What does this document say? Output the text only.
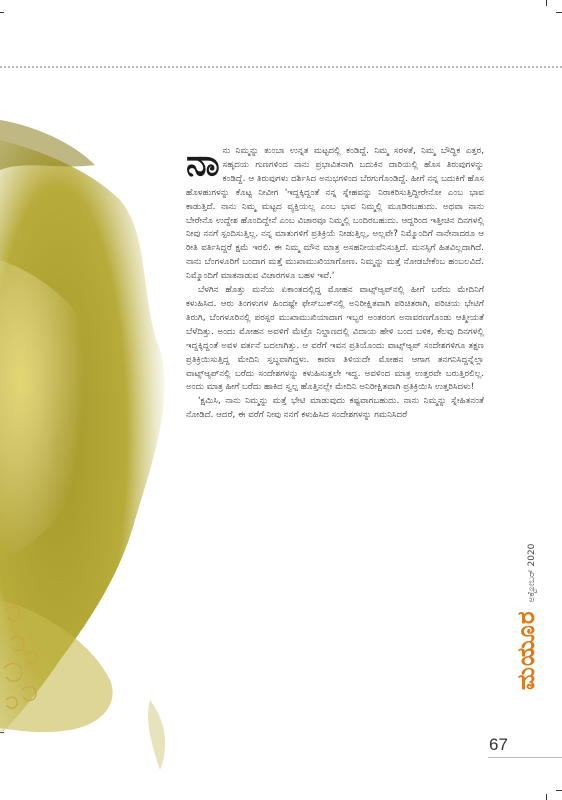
ನಾನು ನಿಮ್ಮನ್ನು ತುಂಬಾ ಉನ್ನತ ಮಟ್ಟದಲ್ಲಿ ಕಂಡಿದ್ದೆ. ನಿಮ್ಮ ಸರಳತೆ, ನಿಮ್ಮ ಬೌದ್ಧಿಕ ಎತ್ತರ, ಸಹೃದಯ ಗುಣಗಳಿಂದ ನಾನು ಪ್ರಭಾವಿತನಾಗಿ ಬದುಕಿನ ದಾರಿಯಲ್ಲಿ ಹೊಸ ತಿರುವುಗಳನ್ನು ಕಂಡಿದ್ದೆ. ಆ ತಿರುವುಗಳು ದರ್ಶಿಸಿದ ಅನುಭಗಳಿಂದ ಬೆರಗುಗೊಂಡಿದ್ದೆ. ಹೀಗೆ ನನ್ನ ಬದುಕಿಗೆ ಹೊಸ ಹೊಳಹುಗಳನ್ನು ಕೊಟ್ಟ ನೀವೀಗ 'ಇದ್ದಕ್ಕಿದ್ದಂತೆ ನನ್ನ ಸ್ನೇಹವನ್ನು ನಿರಾಕರಿಸುತ್ತಿದ್ದೀರೇನೋ ಎಂಬ ಭಾವ ಕಾಡುತ್ತಿದೆ. ನಾನು ನಿಮ್ಮ ಮಟ್ಟದ ವ್ಯಕ್ತಿಯಲ್ಲ ಎಂಬ ಭಾವ ನಿಮ್ಮಲ್ಲಿ ಮೂಡಿರಬಹುದು. ಅಥವಾ ನಾನು ಬೇರೇನೊ ಉದ್ದೇಶ ಹೊಂದಿದ್ದೇನೆ ಎಂಬ ವಿಚಾರವೂ ನಿಮ್ಮಲ್ಲಿ ಬಂದಿರಬಹುದು. ಆದ್ದರಿಂದ ಇತ್ತೀಚಿನ ದಿನಗಳಲ್ಲಿ ನೀವು ನನಗೆ ಸ್ಪಂದಿಸುತ್ತಿಲ್ಲ. ನನ್ನ ಮಾತುಗಳಿಗೆ ಪ್ರತಿಕ್ರಿಯೆ ನೀಡುತ್ತಿಲ್ಲ, ಅಲ್ಲವೇ? ನಿಮ್ಮೊಂದಿಗೆ ನಾನೇನಾದರೂ ಆ ರೀತಿ ವರ್ತಿಸಿದ್ದರೆ ಕ್ಷಮೆ ಇರಲಿ. ಈ ನಿಮ್ಮ ಮೌನ ಮಾತ್ರ ಅಸಹನೀಯವೆನಿಸುತ್ತಿದೆ. ಮನಸ್ಸಿಗೆ ಹಿತವಿಲ್ಲದಾಗಿದೆ. ನಾನು ಬೆಂಗಳೂರಿಗೆ ಬಂದಾಗ ಮತ್ತೆ ಮುಖಾಮುಖಿಯಾಗೋಣ. ನಿಮ್ಮನ್ನು ಮತ್ತೆ ನೋಡಬೇಕೆಂಬ ಹಂಬಲವಿದೆ. ನಿಮ್ಮೊಂದಿಗೆ ಮಾತನಾಡುವ ವಿಚಾರಗಳೂ ಬಹಳ ಇವೆ.'

ಬೆಳಗಿನ ಹೊತ್ತು ಮನೆಯ ಏಕಾಂತದಲ್ಲಿದ್ದ ಮೋಹನ ವಾಟ್ಸ್‌ಆ್ಯಪ್‌ನಲ್ಲಿ ಹೀಗೆ ಬರೆದು ಮೇದಿನಿಗೆ ಕಳುಹಿಸಿದ. ಆರು ತಿಂಗಳುಗಳ ಹಿಂದಷ್ಟೇ ಫೇಸ್‌ಬುಕ್‌ನಲ್ಲಿ ಅನಿರೀಕ್ಷಿತವಾಗಿ ಪರಿಚಿತರಾಗಿ, ಪರಿಚಯ ಭೇಟಿಗೆ ತಿರುಗಿ, ಬೆಂಗಳೂರಿನಲ್ಲಿ ಪರಸ್ಪರ ಮುಖಾಮುಖಿಯಾದಾಗ ಇಬ್ಬರ ಅಂತರಂಗ ಅನಾವರಣಗೊಂಡು ಆತ್ಮೀಯತೆ ಬೆಳೆದಿತ್ತು. ಅಂದು ಮೋಹನ ಅವಳಿಗೆ ಮೆಟ್ರೊ ನಿಲ್ದಾಣದಲ್ಲಿ ವಿದಾಯ ಹೇಳಿ ಬಂದ ಬಳಿಕ, ಕೆಲವು ದಿನಗಳಲ್ಲಿ ಇದ್ದಕ್ಕಿದ್ದಂತೆ ಅವಳ ವರ್ತನೆ ಬದಲಾಗಿತ್ತು. ಆ ವರೆಗೆ ಇವನ ಪ್ರತಿಯೊಂದು ವಾಟ್ಸ್‌ಆ್ಯಪ್ ಸಂದೇಶಗಳಿಗೂ ತಕ್ಷಣ ಪ್ರತಿಕ್ರಿಯಿಸುತ್ತಿದ್ದ ಮೇದಿನಿ ಸ್ತಬ್ಧವಾಗಿದ್ದಳು. ಕಾರಣ ತಿಳಿಯದೇ ಮೋಹನ ಆಗಾಗ ತನಗನಿಸಿದ್ದನ್ನೆಲ್ಲಾ ವಾಟ್ಸ್‌ಆ್ಯಪ್‌ನಲ್ಲಿ ಬರೆದು ಸಂದೇಶಗಳನ್ನು ಕಳುಹಿಸುತ್ತಲೇ ಇದ್ದ. ಅವಳಿಂದ ಮಾತ್ರ ಉತ್ತರವೇ ಬರುತ್ತಿರಲಿಲ್ಲ. ಅಂದು ಮಾತ್ರ ಹೀಗೆ ಬರೆದು ಹಾಕಿದ ಸ್ವಲ್ಪ ಹೊತ್ತಿನಲ್ಲೇ ಮೇದಿನಿ ಅನಿರೀಕ್ಷಿತವಾಗಿ ಪ್ರತಿಕ್ರಿಯಿಸಿ ಉತ್ತರಿಸಿದಳು!

'ಕ್ಷಮಿಸಿ, ನಾನು ನಿಮ್ಮನ್ನು ಮತ್ತೆ ಭೇಟಿ ಮಾಡುವುದು ಕಷ್ಟವಾಗಬಹುದು. ನಾನು ನಿಮ್ಮನ್ನು ಸ್ನೇಹಿತನಂತೆ ನೋಡಿದೆ. ಆದರೆ, ಈ ವರೆಗೆ ನೀವು ನನಗೆ ಕಳುಹಿಸಿದ ಸಂದೇಶಗಳನ್ನು ಗಮನಿಸಿದರೆ

ಮಯೂರಅಕ್ಟೋಬರ್ 2020
67
